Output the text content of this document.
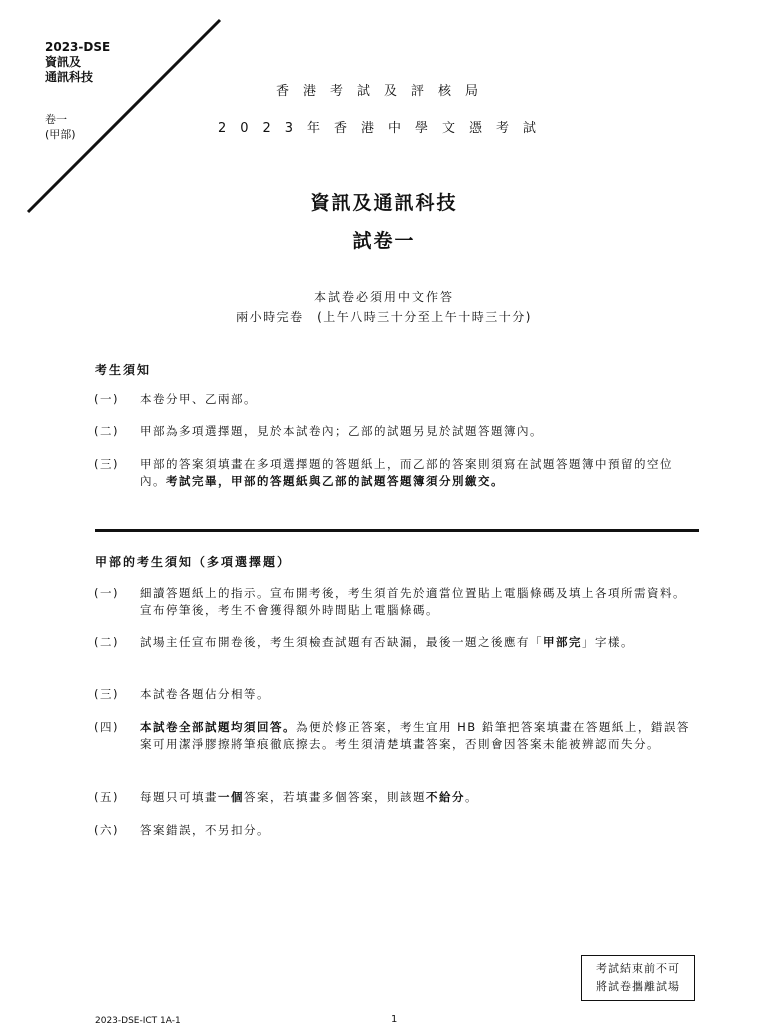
2023-DSE
資訊及
通訊科技
卷一
(甲部)
香港考試及評核局
2023年香港中學文憑考試
資訊及通訊科技
試卷一
本試卷必須用中文作答
兩小時完卷　(上午八時三十分至上午十時三十分)
考生須知
(一)	本卷分甲、乙兩部。
(二)	甲部為多項選擇題，見於本試卷內；乙部的試題另見於試題答題簿內。
(三)	甲部的答案須填畫在多項選擇題的答題紙上，而乙部的答案則須寫在試題答題簿中預留的空位內。考試完畢，甲部的答題紙與乙部的試題答題簿須分別繳交。
甲部的考生須知（多項選擇題）
(一)	細讀答題紙上的指示。宣布開考後，考生須首先於適當位置貼上電腦條碼及填上各項所需資料。宣布停筆後，考生不會獲得額外時間貼上電腦條碼。
(二)	試場主任宣布開卷後，考生須檢查試題有否缺漏，最後一題之後應有「甲部完」字樣。
(三)	本試卷各題佔分相等。
(四)	本試卷全部試題均須回答。為便於修正答案，考生宜用 HB 鉛筆把答案填畫在答題紙上，錯誤答案可用潔淨膠擦將筆痕徹底擦去。考生須清楚填畫答案，否則會因答案未能被辨認而失分。
(五)	每題只可填畫一個答案，若填畫多個答案，則該題不給分。
(六)	答案錯誤，不另扣分。
考試結束前不可
將試卷攜離試場
2023-DSE-ICT 1A-1	1
